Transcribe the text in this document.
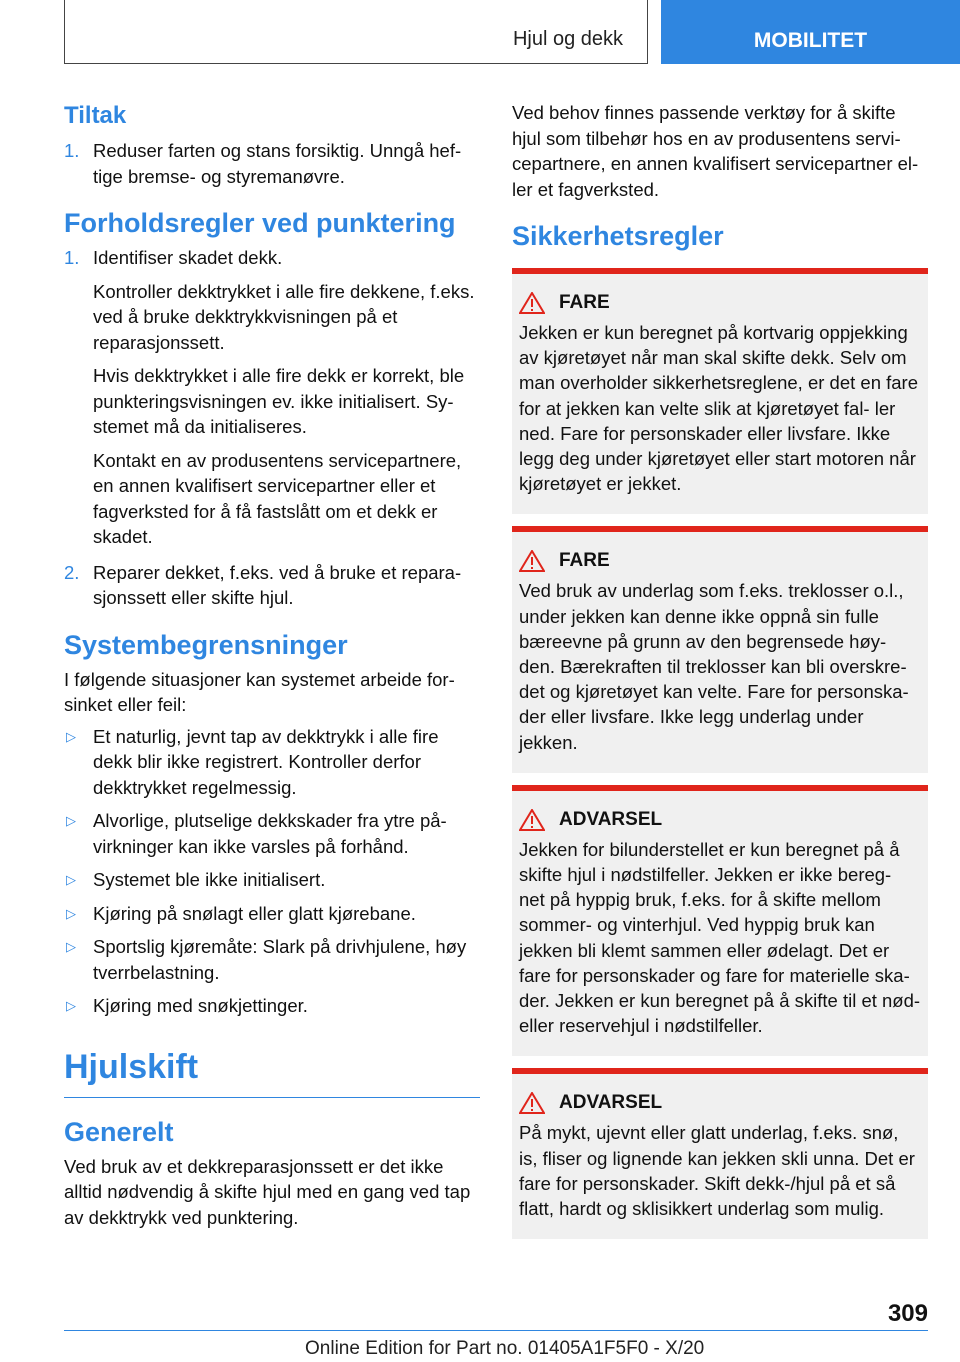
Hjul og dekk	MOBILITET
Tiltak
1. Reduser farten og stans forsiktig. Unngå hef- tige bremse- og styremanøvre.
Forholdsregler ved punktering
1. Identifiser skadet dekk.
Kontroller dekktrykket i alle fire dekkene, f.eks. ved å bruke dekktrykkvisningen på et reparasjonssett.
Hvis dekktrykket i alle fire dekk er korrekt, ble punkteringsvisningen ev. ikke initialisert. Sy- stemet må da initialiseres.
Kontakt en av produsentens servicepartnere, en annen kvalifisert servicepartner eller et fagverksted for å få fastslått om et dekk er skadet.
2. Reparer dekket, f.eks. ved å bruke et repara- sjonssett eller skifte hjul.
Systembegrensninger

I følgende situasjoner kan systemet arbeide for- sinket eller feil:

▷ Et naturlig, jevnt tap av dekktrykk i alle fire dekk blir ikke registrert. Kontroller derfor dekktrykket regelmessig.
▷ Alvorlige, plutselige dekkskader fra ytre på- virkninger kan ikke varsles på forhånd.
▷ Systemet ble ikke initialisert.
▷ Kjøring på snølagt eller glatt kjørebane.
▷ Sportslig kjøremåte: Slark på drivhjulene, høy tverrbelastning.
▷ Kjøring med snøkjettinger.
Hjulskift
Generelt

Ved bruk av et dekkreparasjonssett er det ikke alltid nødvendig å skifte hjul med en gang ved tap av dekktrykk ved punktering.

Ved behov finnes passende verktøy for å skifte hjul som tilbehør hos en av produsentens servi- cepartnere, en annen kvalifisert servicepartner el- ler et fagverksted.

Sikkerhetsregler
FARE
Jekken er kun beregnet på kortvarig oppjekking av kjøretøyet når man skal skifte dekk. Selv om man overholder sikkerhetsreglene, er det en fare for at jekken kan velte slik at kjøretøyet fal- ler ned. Fare for personskader eller livsfare. Ikke legg deg under kjøretøyet eller start motoren når kjøretøyet er jekket.
FARE
Ved bruk av underlag som f.eks. treklosser o.l., under jekken kan denne ikke oppnå sin fulle bæreevne på grunn av den begrensede høy- den. Bærekraften til treklosser kan bli overskre- det og kjøretøyet kan velte. Fare for personska- der eller livsfare. Ikke legg underlag under jekken.
ADVARSEL
Jekken for bilunderstellet er kun beregnet på å skifte hjul i nødstilfeller. Jekken er ikke bereg- net på hyppig bruk, f.eks. for å skifte mellom sommer- og vinterhjul. Ved hyppig bruk kan jekken bli klemt sammen eller ødelagt. Det er fare for personskader og fare for materielle ska- der. Jekken er kun beregnet på å skifte til et nød- eller reservehjul i nødstilfeller.
ADVARSEL
På mykt, ujevnt eller glatt underlag, f.eks. snø, is, fliser og lignende kan jekken skli unna. Det er fare for personskader. Skift dekk-/hjul på et så flatt, hardt og sklisikkert underlag som mulig.
309
Online Edition for Part no. 01405A1F5F0 - X/20
